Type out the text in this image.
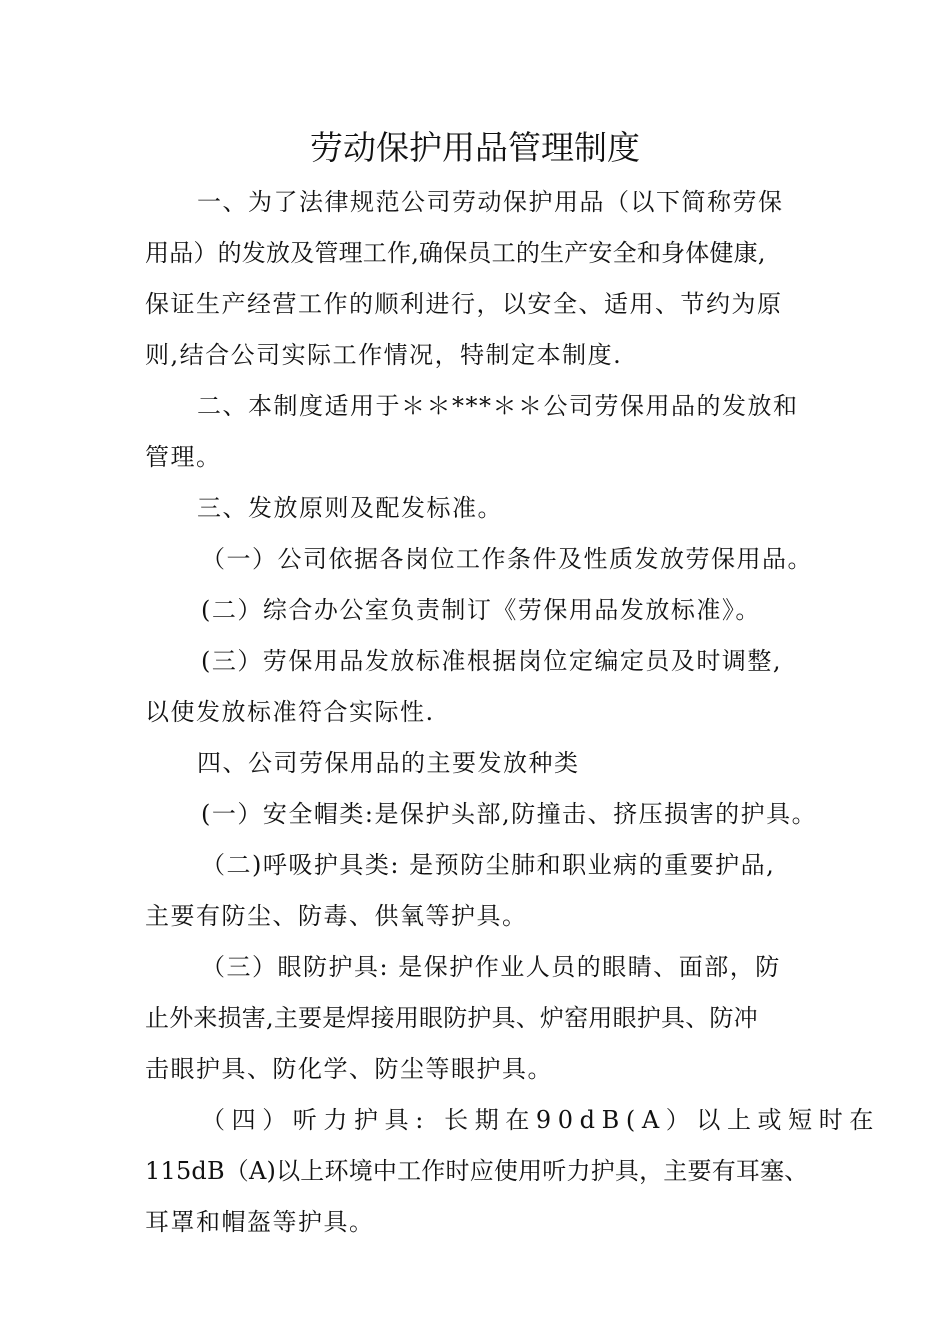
劳动保护用品管理制度

一、为了法律规范公司劳动保护用品（以下简称劳保
用品）的发放及管理工作,确保员工的生产安全和身体健康,
保证生产经营工作的顺利进行，以安全、适用、节约为原
则,结合公司实际工作情况，特制定本制度.

二、本制度适用于＊＊***＊＊公司劳保用品的发放和
管理。

三、发放原则及配发标准。
（一）公司依据各岗位工作条件及性质发放劳保用品。
(二）综合办公室负责制订《劳保用品发放标准》。
(三）劳保用品发放标准根据岗位定编定员及时调整,
以使发放标准符合实际性.

四、公司劳保用品的主要发放种类
(一）安全帽类:是保护头部,防撞击、挤压损害的护具。
（二)呼吸护具类: 是预防尘肺和职业病的重要护品,
主要有防尘、防毒、供氧等护具。
（三）眼防护具: 是保护作业人员的眼睛、面部，防
止外来损害,主要是焊接用眼防护具、炉窑用眼护具、防冲
击眼护具、防化学、防尘等眼护具。
（四）听力护具: 长期在90dB(A）以上或短时在
115dB（A)以上环境中工作时应使用听力护具，主要有耳塞、
耳罩和帽盔等护具。
